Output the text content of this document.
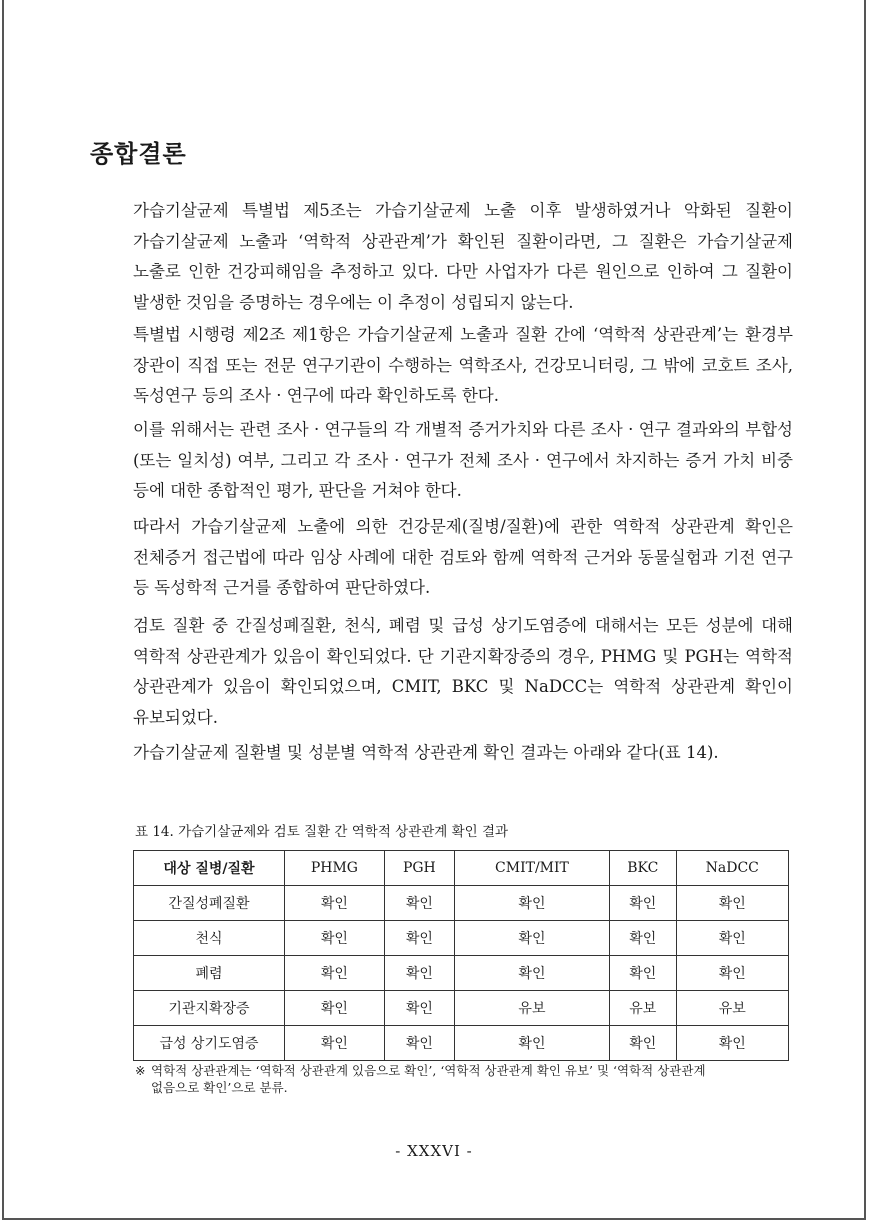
종합결론

가습기살균제 특별법 제5조는 가습기살균제 노출 이후 발생하였거나 악화된 질환이 가습기살균제 노출과 ‘역학적 상관관계’가 확인된 질환이라면, 그 질환은 가습기살균제 노출로 인한 건강피해임을 추정하고 있다. 다만 사업자가 다른 원인으로 인하여 그 질환이 발생한 것임을 증명하는 경우에는 이 추정이 성립되지 않는다.

특별법 시행령 제2조 제1항은 가습기살균제 노출과 질환 간에 ‘역학적 상관관계’는 환경부 장관이 직접 또는 전문 연구기관이 수행하는 역학조사, 건강모니터링, 그 밖에 코호트 조사, 독성연구 등의 조사 · 연구에 따라 확인하도록 한다.

이를 위해서는 관련 조사 · 연구들의 각 개별적 증거가치와 다른 조사 · 연구 결과와의 부합성(또는 일치성) 여부, 그리고 각 조사 · 연구가 전체 조사 · 연구에서 차지하는 증거 가치 비중 등에 대한 종합적인 평가, 판단을 거쳐야 한다.

따라서 가습기살균제 노출에 의한 건강문제(질병/질환)에 관한 역학적 상관관계 확인은 전체증거 접근법에 따라 임상 사례에 대한 검토와 함께 역학적 근거와 동물실험과 기전 연구 등 독성학적 근거를 종합하여 판단하였다.

검토 질환 중 간질성폐질환, 천식, 폐렴 및 급성 상기도염증에 대해서는 모든 성분에 대해 역학적 상관관계가 있음이 확인되었다. 단 기관지확장증의 경우, PHMG 및 PGH는 역학적 상관관계가 있음이 확인되었으며, CMIT, BKC 및 NaDCC는 역학적 상관관계 확인이 유보되었다.

가습기살균제 질환별 및 성분별 역학적 상관관계 확인 결과는 아래와 같다(표 14).

표 14. 가습기살균제와 검토 질환 간 역학적 상관관계 확인 결과
대상 질병/질환	PHMG	PGH	CMIT/MIT	BKC	NaDCC
간질성폐질환	확인	확인	확인	확인	확인
천식	확인	확인	확인	확인	확인
폐렴	확인	확인	확인	확인	확인
기관지확장증	확인	확인	유보	유보	유보
급성 상기도염증	확인	확인	확인	확인	확인
※ 역학적 상관관계는 ‘역학적 상관관계 있음으로 확인’, ‘역학적 상관관계 확인 유보’ 및 ‘역학적 상관관계
없음으로 확인’으로 분류.
- XXXVI -
